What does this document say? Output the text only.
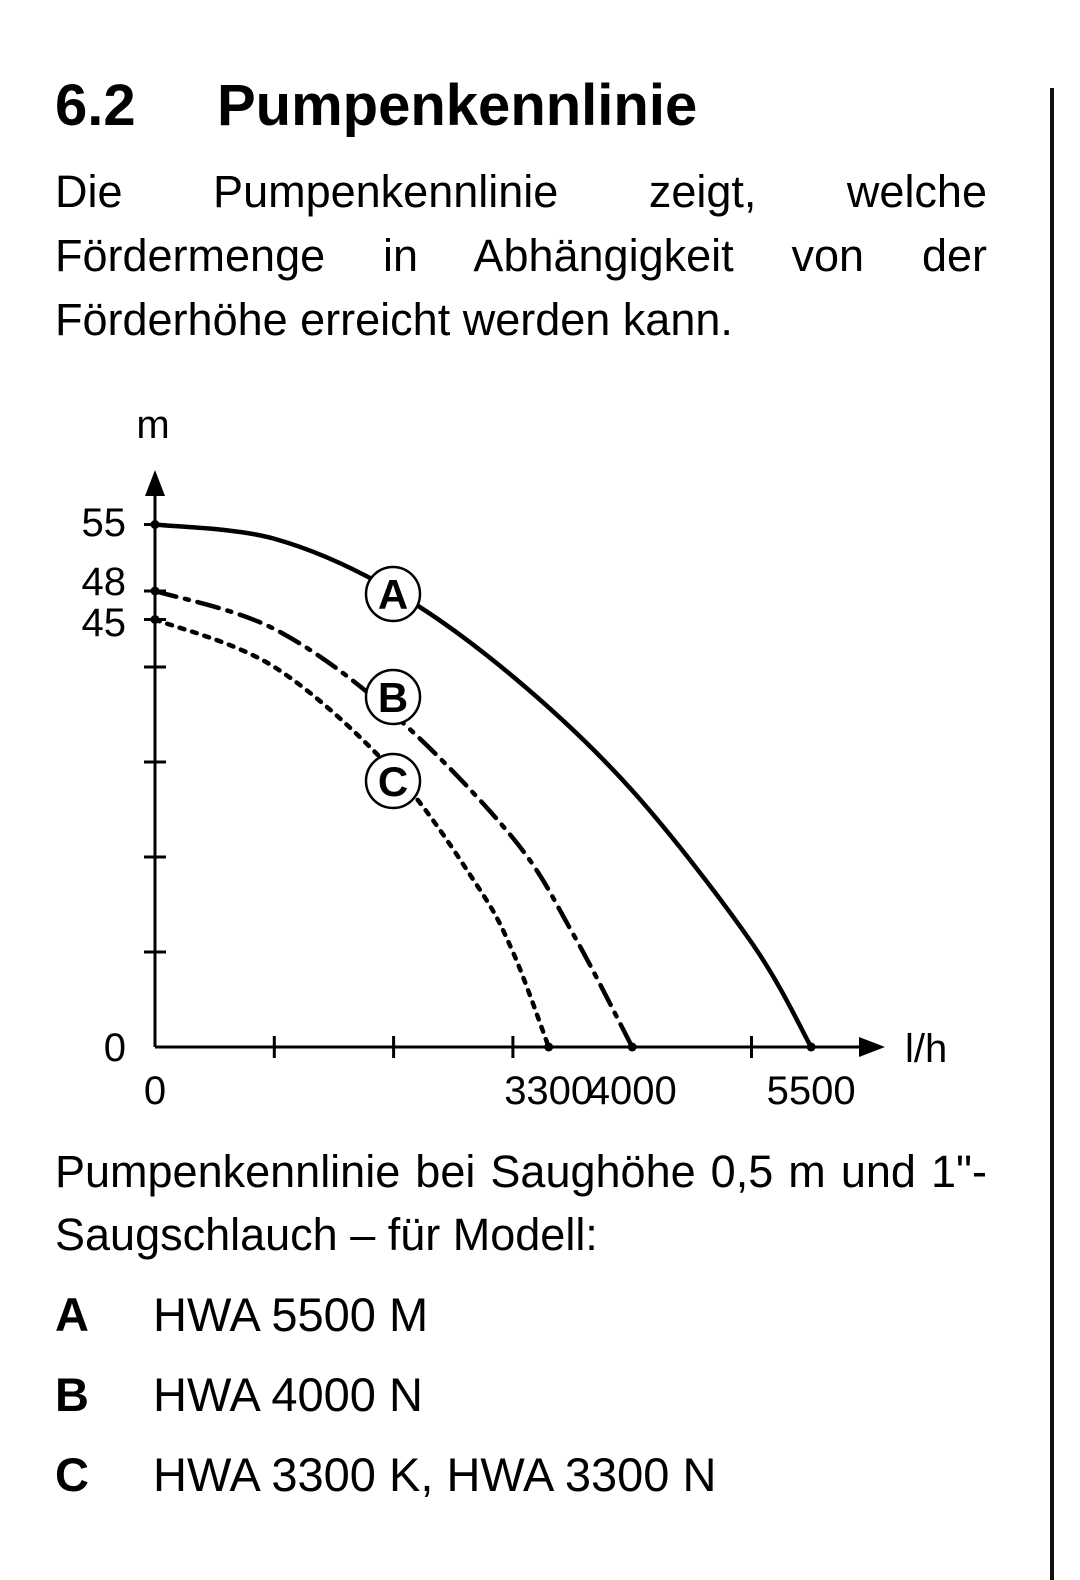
6.2 Pumpenkennlinie

Die Pumpenkennlinie zeigt, welche Fördermenge in Abhängigkeit von der Förderhöhe erreicht werden kann.

m
l/h
0
45
48
55
0	3300
4000 5500
A
B
C

Pumpenkennlinie bei Saughöhe 0,5 m und 1"-Saugschlauch – für Modell:

A HWA 5500 M
B HWA 4000 N
C HWA 3300 K, HWA 3300 N
